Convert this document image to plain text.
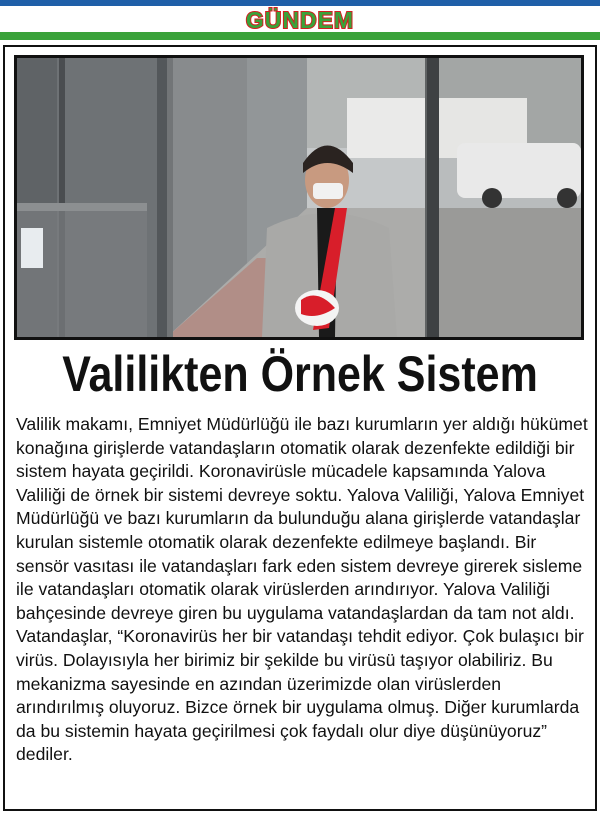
GÜNDEM
Valilikten Örnek Sistem

Valilik makamı, Emniyet Müdürlüğü ile bazı kurumların yer aldığı hükümet konağına girişlerde vatandaşların otomatik olarak dezenfekte edildiği bir sistem hayata geçirildi. Koronavirüsle mücadele kapsamında Yalova Valiliği de örnek bir sistemi devreye soktu. Yalova Valiliği, Yalova Emniyet Müdürlüğü ve bazı kurumların da bulunduğu alana girişlerde vatandaşlar kurulan sistemle otomatik olarak dezenfekte edilmeye başlandı. Bir sensör vasıtası ile vatandaşları fark eden sistem devreye girerek sisleme ile vatandaşları otomatik olarak virüslerden arındırıyor. Yalova Valiliği bahçesinde devreye giren bu uygulama vatandaşlardan da tam not aldı. Vatandaşlar, “Koronavirüs her bir vatandaşı tehdit ediyor. Çok bulaşıcı bir virüs. Dolayısıyla her birimiz bir şekilde bu virüsü taşıyor olabiliriz. Bu mekanizma sayesinde en azından üzerimizde olan virüslerden arındırılmış oluyoruz. Bizce örnek bir uygulama olmuş. Diğer kurumlarda da bu sistemin hayata geçirilmesi çok faydalı olur diye düşünüyoruz” dediler.
